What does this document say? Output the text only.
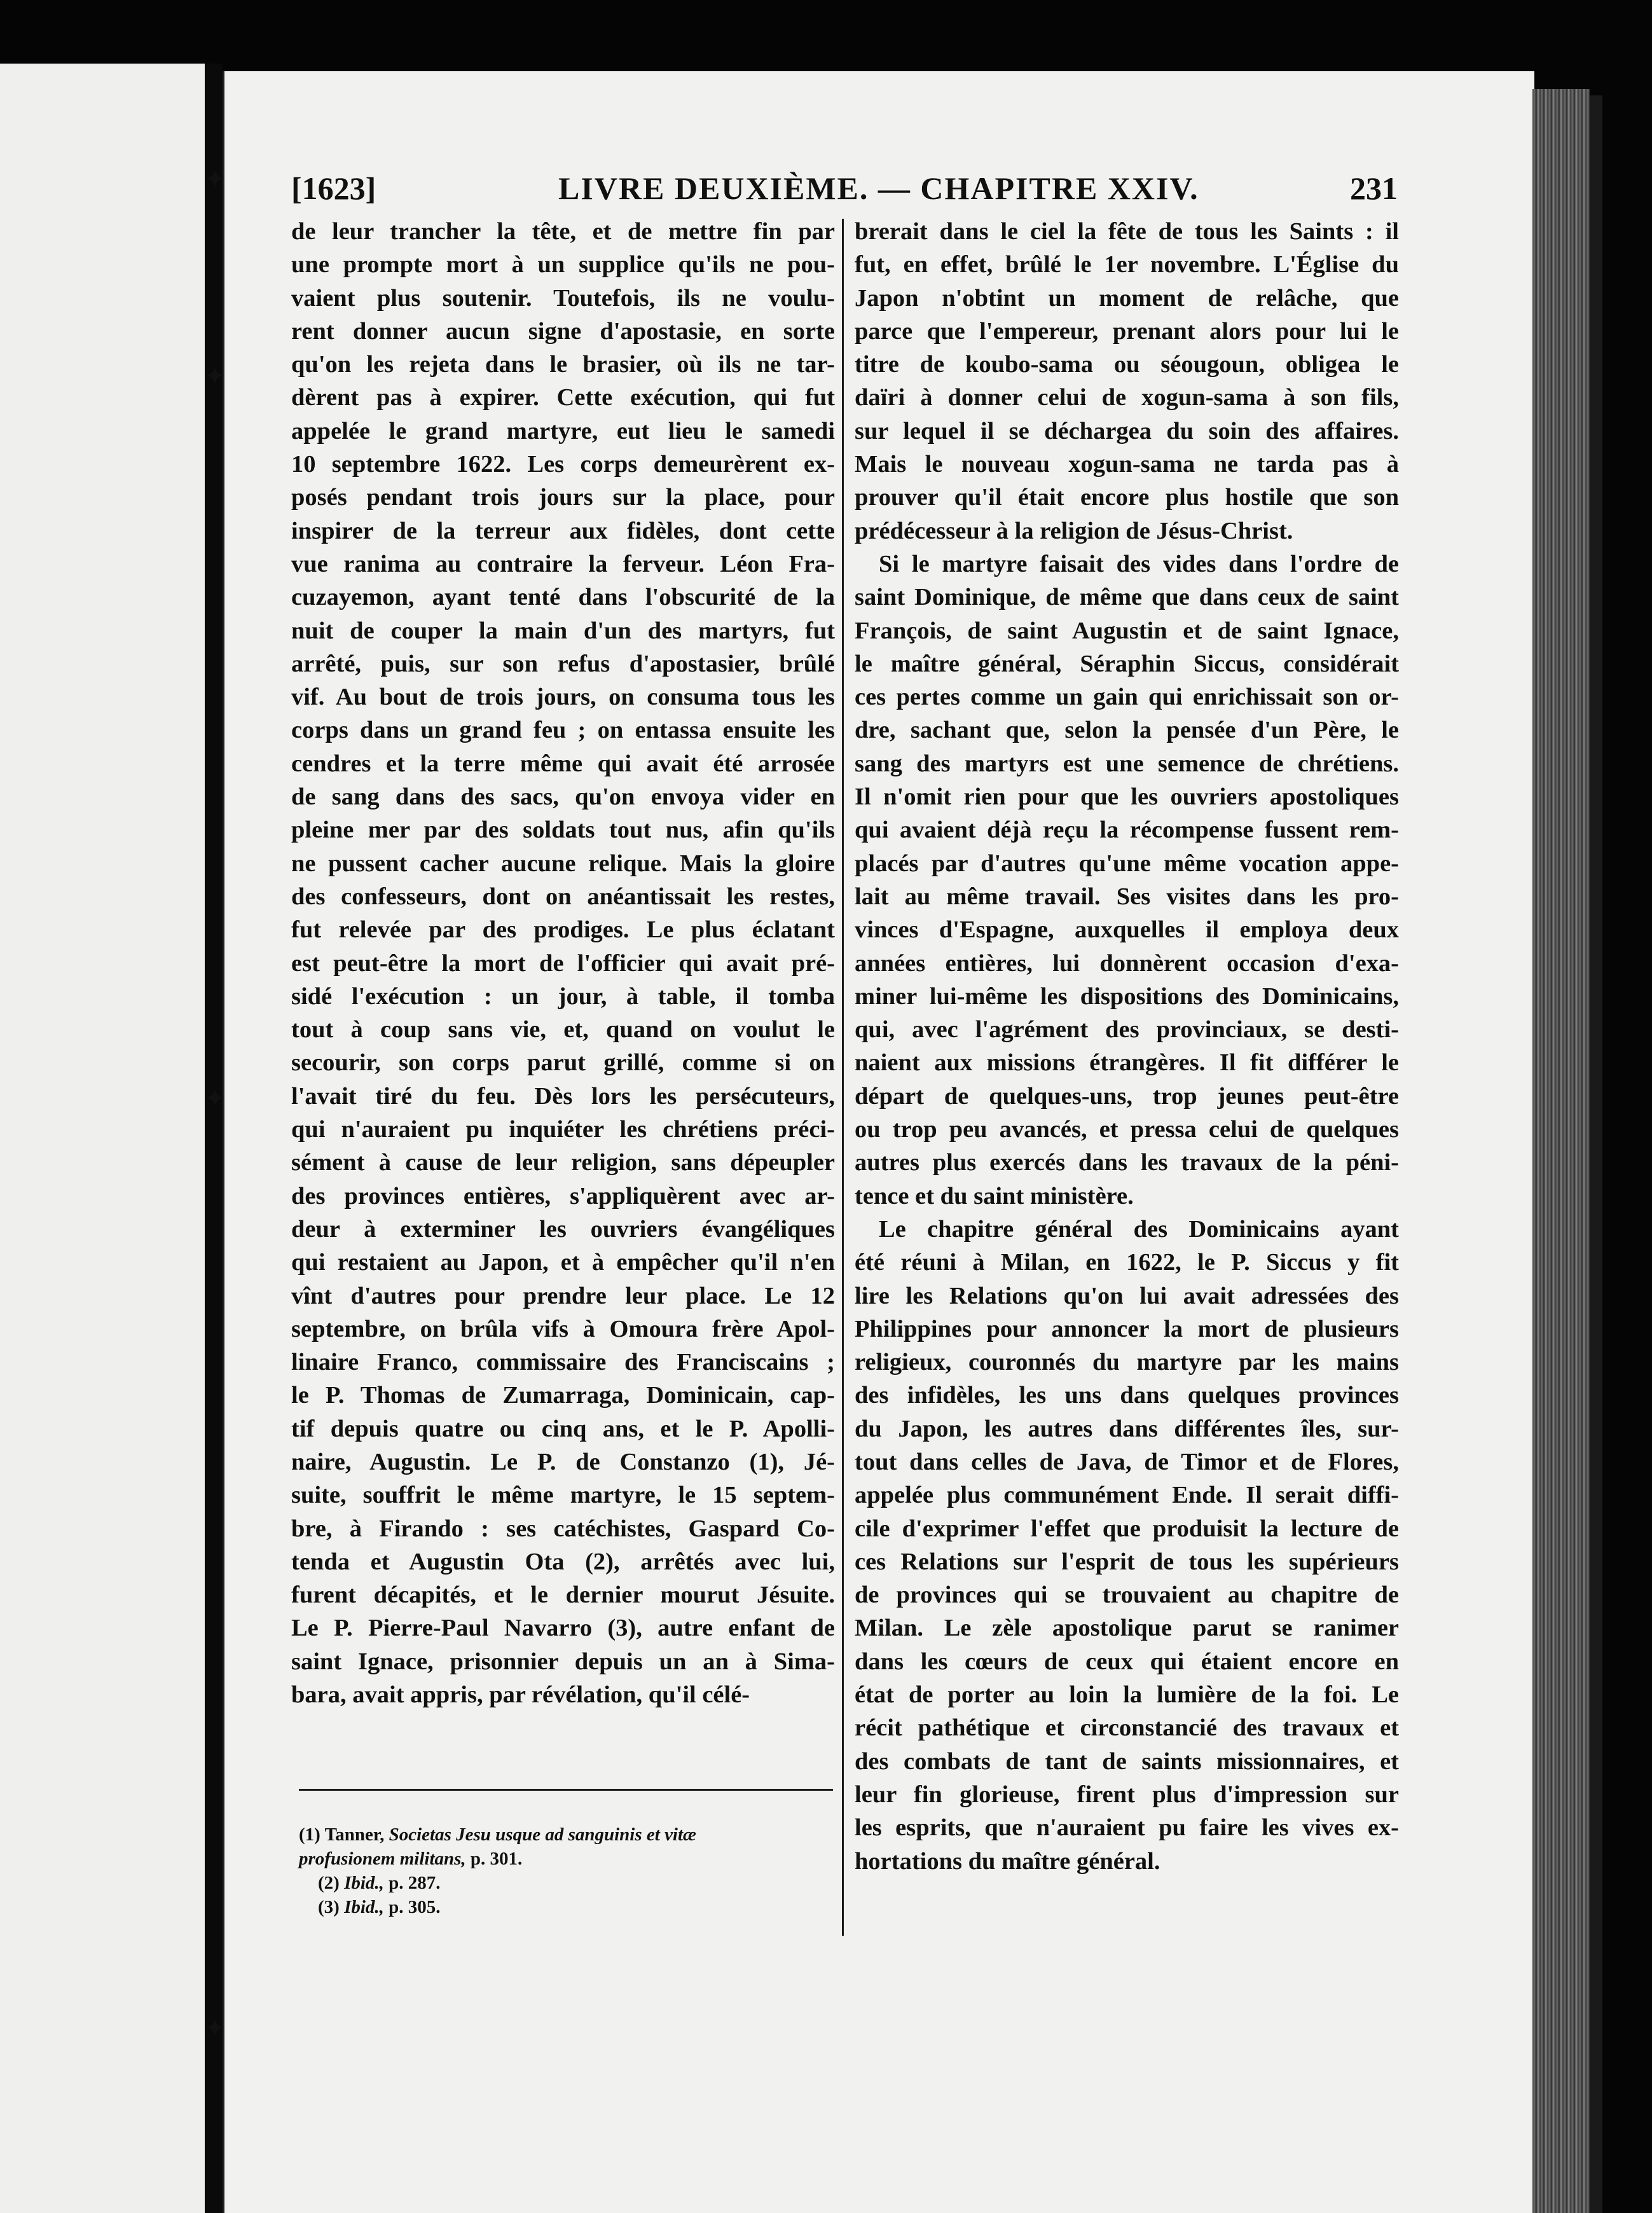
✦
✦
✦
✦
[1623]	LIVRE DEUXIÈME. — CHAPITRE XXIV.	231
de leur trancher la tête, et de mettre fin par
une prompte mort à un supplice qu'ils ne pou-
vaient plus soutenir. Toutefois, ils ne voulu-
rent donner aucun signe d'apostasie, en sorte
qu'on les rejeta dans le brasier, où ils ne tar-
dèrent pas à expirer. Cette exécution, qui fut
appelée le grand martyre, eut lieu le samedi
10 septembre 1622. Les corps demeurèrent ex-
posés pendant trois jours sur la place, pour
inspirer de la terreur aux fidèles, dont cette
vue ranima au contraire la ferveur. Léon Fra-
cuzayemon, ayant tenté dans l'obscurité de la
nuit de couper la main d'un des martyrs, fut
arrêté, puis, sur son refus d'apostasier, brûlé
vif. Au bout de trois jours, on consuma tous les
corps dans un grand feu ; on entassa ensuite les
cendres et la terre même qui avait été arrosée
de sang dans des sacs, qu'on envoya vider en
pleine mer par des soldats tout nus, afin qu'ils
ne pussent cacher aucune relique. Mais la gloire
des confesseurs, dont on anéantissait les restes,
fut relevée par des prodiges. Le plus éclatant
est peut-être la mort de l'officier qui avait pré-
sidé l'exécution : un jour, à table, il tomba
tout à coup sans vie, et, quand on voulut le
secourir, son corps parut grillé, comme si on
l'avait tiré du feu. Dès lors les persécuteurs,
qui n'auraient pu inquiéter les chrétiens préci-
sément à cause de leur religion, sans dépeupler
des provinces entières, s'appliquèrent avec ar-
deur à exterminer les ouvriers évangéliques
qui restaient au Japon, et à empêcher qu'il n'en
vînt d'autres pour prendre leur place. Le 12
septembre, on brûla vifs à Omoura frère Apol-
linaire Franco, commissaire des Franciscains ;
le P. Thomas de Zumarraga, Dominicain, cap-
tif depuis quatre ou cinq ans, et le P. Apolli-
naire, Augustin. Le P. de Constanzo (1), Jé-
suite, souffrit le même martyre, le 15 septem-
bre, à Firando : ses catéchistes, Gaspard Co-
tenda et Augustin Ota (2), arrêtés avec lui,
furent décapités, et le dernier mourut Jésuite.
Le P. Pierre-Paul Navarro (3), autre enfant de
saint Ignace, prisonnier depuis un an à Sima-
bara, avait appris, par révélation, qu'il célé-
brerait dans le ciel la fête de tous les Saints : il
fut, en effet, brûlé le 1er novembre. L'Église du
Japon n'obtint un moment de relâche, que
parce que l'empereur, prenant alors pour lui le
titre de koubo-sama ou séougoun, obligea le
daïri à donner celui de xogun-sama à son fils,
sur lequel il se déchargea du soin des affaires.
Mais le nouveau xogun-sama ne tarda pas à
prouver qu'il était encore plus hostile que son
prédécesseur à la religion de Jésus-Christ.
Si le martyre faisait des vides dans l'ordre de
saint Dominique, de même que dans ceux de saint
François, de saint Augustin et de saint Ignace,
le maître général, Séraphin Siccus, considérait
ces pertes comme un gain qui enrichissait son or-
dre, sachant que, selon la pensée d'un Père, le
sang des martyrs est une semence de chrétiens.
Il n'omit rien pour que les ouvriers apostoliques
qui avaient déjà reçu la récompense fussent rem-
placés par d'autres qu'une même vocation appe-
lait au même travail. Ses visites dans les pro-
vinces d'Espagne, auxquelles il employa deux
années entières, lui donnèrent occasion d'exa-
miner lui-même les dispositions des Dominicains,
qui, avec l'agrément des provinciaux, se desti-
naient aux missions étrangères. Il fit différer le
départ de quelques-uns, trop jeunes peut-être
ou trop peu avancés, et pressa celui de quelques
autres plus exercés dans les travaux de la péni-
tence et du saint ministère.
Le chapitre général des Dominicains ayant
été réuni à Milan, en 1622, le P. Siccus y fit
lire les Relations qu'on lui avait adressées des
Philippines pour annoncer la mort de plusieurs
religieux, couronnés du martyre par les mains
des infidèles, les uns dans quelques provinces
du Japon, les autres dans différentes îles, sur-
tout dans celles de Java, de Timor et de Flores,
appelée plus communément Ende. Il serait diffi-
cile d'exprimer l'effet que produisit la lecture de
ces Relations sur l'esprit de tous les supérieurs
de provinces qui se trouvaient au chapitre de
Milan. Le zèle apostolique parut se ranimer
dans les cœurs de ceux qui étaient encore en
état de porter au loin la lumière de la foi. Le
récit pathétique et circonstancié des travaux et
des combats de tant de saints missionnaires, et
leur fin glorieuse, firent plus d'impression sur
les esprits, que n'auraient pu faire les vives ex-
hortations du maître général.
(1) Tanner, Societas Jesu usque ad sanguinis et vitæ
profusionem militans, p. 301.
(2) Ibid., p. 287.
(3) Ibid., p. 305.
